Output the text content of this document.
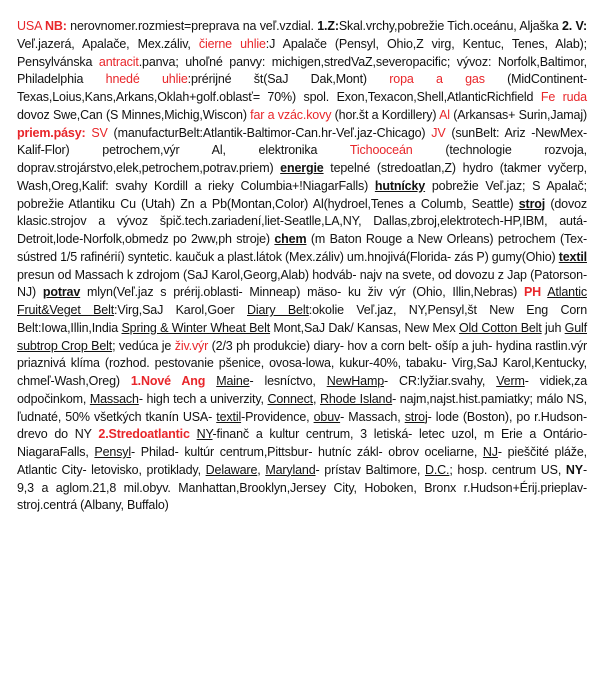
USA NB: nerovnomer.rozmiest=preprava na veľ.vzdial. 1.Z:Skal.vrchy,pobrežie Tich.oceánu, Aljaška 2. V: Veľ.jazerá, Apalače, Mex.záliv, čierne uhlie:J Apalače (Pensyl, Ohio,Z virg, Kentuc, Tenes, Alab); Pensylvánska antracit.panva; uhoľné panvy: michigen,stredVaZ,severopacific; vývoz: Norfolk,Baltimor, Philadelphia hnedé uhlie:prérijné št(SaJ Dak,Mont) ropa a gas (MidContinent-Texas,Loius,Kans,Arkans,Oklah+golf.oblasť= 70%) spol. Exon,Texacon,Shell,AtlanticRichfield Fe ruda dovoz Swe,Can (S Minnes,Michig,Wiscon) far a vzác.kovy (hor.št a Kordillery) Al (Arkansas+ Surin,Jamaj) priem.pásy: SV (manufacturBelt:Atlantik-Baltimor-Can.hr-Veľ.jaz-Chicago) JV (sunBelt: Ariz -NewMex-Kalif-Flor) petrochem,výr Al, elektronika Tichooceán (technologie rozvoja, doprav.strojárstvo,elek,petrochem,potrav.priem) energie tepelné (stredoatlan,Z) hydro (takmer vyčerp, Wash,Oreg,Kalif: svahy Kordill a rieky Columbia+!NiagarFalls) hutnícky pobrežie Veľ.jaz; S Apalač; pobrežie Atlantiku Cu (Utah) Zn a Pb(Montan,Color) Al(hydroel,Tenes a Columb, Seattle) stroj (dovoz klasic.strojov a vývoz špič.tech.zariadení,liet-Seatlle,LA,NY, Dallas,zbroj,elektrotech-HP,IBM, autá-Detroit,lode-Norfolk,obmedz po 2ww,ph stroje) chem (m Baton Rouge a New Orleans) petrochem (Tex-sústred 1/5 rafinérií) syntetic. kaučuk a plast.látok (Mex.záliv) um.hnojivá(Florida- zás P) gumy(Ohio) textil presun od Massach k zdrojom (SaJ Karol,Georg,Alab) hodváb- najv na svete, od dovozu z Jap (Patorson-NJ) potrav mlyn(Veľ.jaz s prérij.oblasti- Minneap) mäso- ku živ výr (Ohio, Illin,Nebras) PH Atlantic Fruit&Veget Belt:Virg,SaJ Karol,Goer Diary Belt:okolie Veľ.jaz, NY,Pensyl,št New Eng Corn Belt:Iowa,Illin,India Spring & Winter Wheat Belt Mont,SaJ Dak/ Kansas, New Mex Old Cotton Belt juh Gulf subtrop Crop Belt; vedúca je živ.výr (2/3 ph produkcie) diary- hov a corn belt- ošíp a juh- hydina rastlin.výr priaznivá klíma (rozhod. pestovanie pšenice, ovosa-lowa, kukur-40%, tabaku- Virg,SaJ Karol,Kentucky, chmeľ-Wash,Oreg) 1.Nové Ang Maine- lesníctvo, NewHamp- CR:lyžiar.svahy, Verm- vidiek,za odpočinkom, Massach- high tech a univerzity, Connect, Rhode Island- najm,najst.hist.pamiatky; málo NS, ľudnaté, 50% všetkých tkanín USA- textil-Providence, obuv- Massach, stroj- lode (Boston), po r.Hudson-drevo do NY 2.Stredoatlantic NY-finanč a kultur centrum, 3 letiská- letec uzol, m Erie a Ontário- NiagaraFalls, Pensyl- Philad- kultúr centrum,Pittsbur- hutníc zákl- obrov oceliarne, NJ- pieščité pláže, Atlantic City- letovisko, protiklady, Delaware, Maryland- prístav Baltimore, D.C.; hosp. centrum US, NY- 9,3 a aglom.21,8 mil.obyv. Manhattan,Brooklyn,Jersey City, Hoboken, Bronx r.Hudson+Érij.prieplav- stroj.centrá (Albany, Buffalo)
